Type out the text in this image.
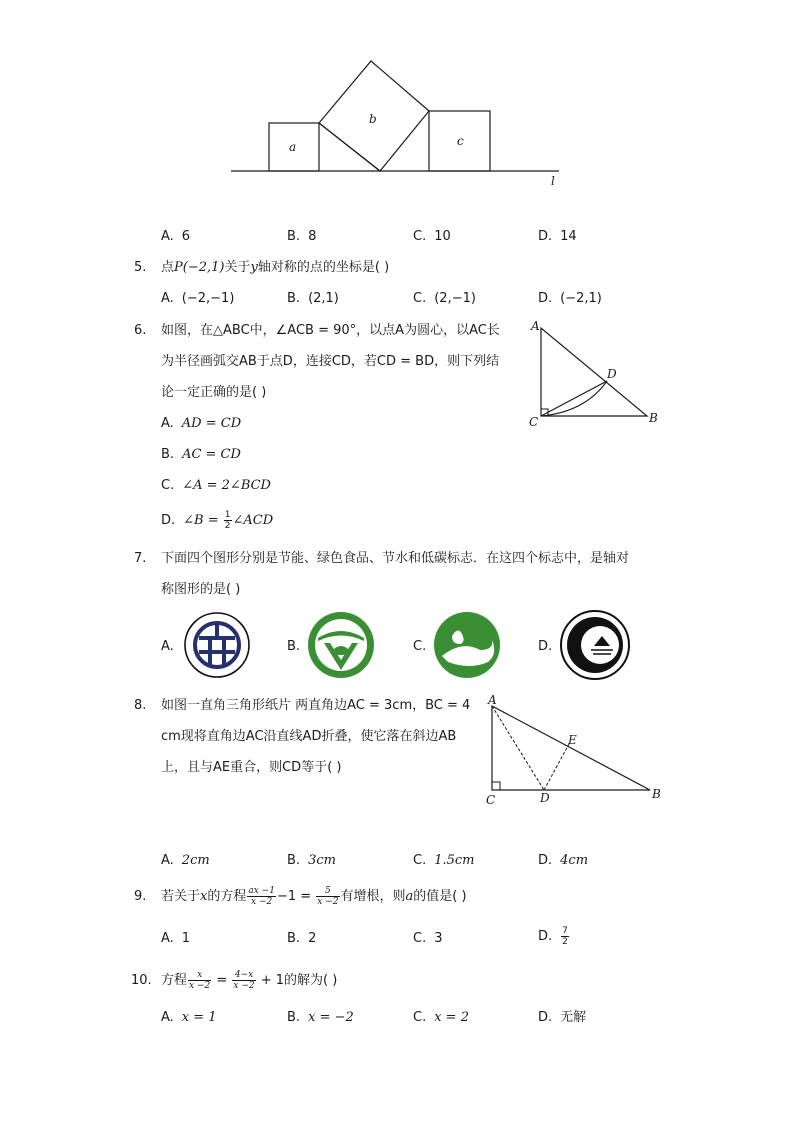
a
b
c
l
A. 6	B. 8	C. 10	D. 14
5. 点P(−2,1)关于y轴对称的点的坐标是( )
A. (−2,−1)	B. (2,1)	C. (2,−1)	D. (−2,1)
6. 如图，在△ABC中，∠ACB = 90°，以点A为圆心，以AC长
为半径画弧交AB于点D，连接CD，若CD = BD，则下列结
论一定正确的是( )
A. AD = CD
B. AC = CD
C. ∠A = 2∠BCD
D. ∠B = $\frac{1}{2}$ ∠ACD
A
D
C	B
7. 下面四个图形分别是节能、绿色食品、节水和低碳标志．在这四个标志中，是轴对
称图形的是( )
A.	B.	C.	D.
8. 如图一直角三角形纸片 两直角边AC = 3cm，BC = 4
cm现将直角边AC沿直线AD折叠，使它落在斜边AB
上，且与AE重合，则CD等于( )
A
E
C	D	B
A. 2cm	B. 3cm	C. 1.5cm	D. 4cm
9. 若关于x的方程 $\frac{ax -1}{x -2} -1 = \frac{5}{x -2}$ 有增根，则a的值是( )
A. 1	B. 2	C. 3	D. $\frac{7}{2}$
10. 方程 $\frac{x}{x -2} = \frac{4-x}{x -2} + 1$的解为( )
A. x = 1	B. x = −2	C. x = 2	D. 无解
